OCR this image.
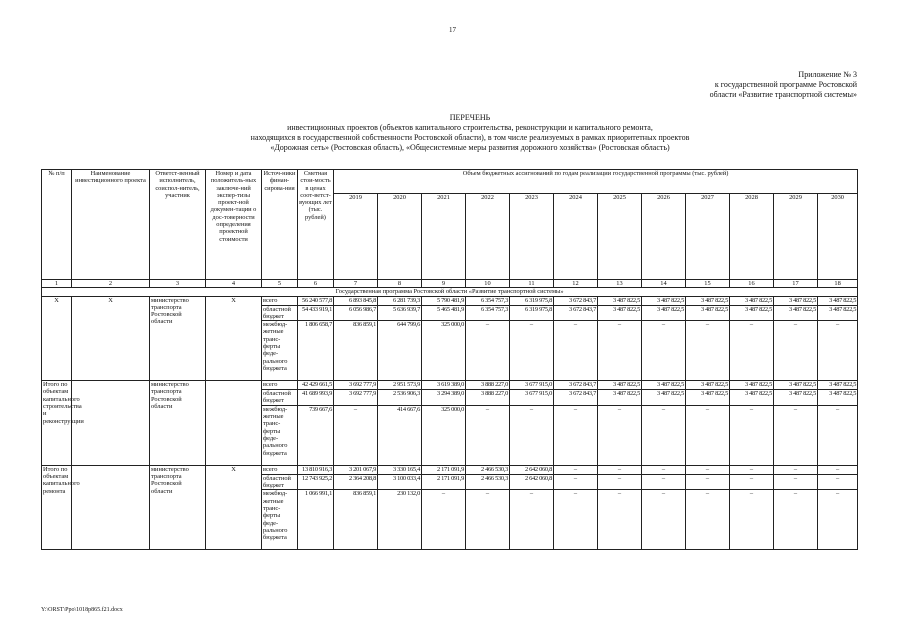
17
Приложение № 3
к государственной программе Ростовской
области «Развитие транспортной системы»
ПЕРЕЧЕНЬ
инвестиционных проектов (объектов капитального строительства, реконструкции и капитального ремонта,
находящихся в государственной собственности Ростовской области), в том числе реализуемых в рамках приоритетных проектов
«Дорожная сеть» (Ростовская область), «Общесистемные меры развития дорожного хозяйства» (Ростовская область)
№ п/п	Наименование инвестиционного проекта	Ответст-венный исполнитель, соиспол-нитель, участник	Номер и дата положитель-ных заключе-ний экспер-тизы проект-ной докумен-тации о дос-товерности определения проектной стоимости	Источ-ники финан-сирова-ния	Сметная стои-мость в ценах соот-ветст-вующих лет (тыс. рублей)	Объем бюджетных ассигнований по годам реализации государственной программы (тыс. рублей)											
						2019	2020	2021	2022	2023	2024	2025	2026	2027	2028	2029	2030
1	2	3	4	5	6	7	8	9	10	11	12	13	14	15	16	17	18
Государственная программа Ростовской области «Развитие транспортной системы»																	
Х	Х	министерство транспорта Ростовской области	Х	всего	56 240 577,8	6 893 845,8	6 281 739,3	5 790 481,9	6 354 757,3	6 319 975,8	3 672 843,7	3 487 822,5	3 487 822,5	3 487 822,5	3 487 822,5	3 487 822,5	3 487 822,5
				областной бюджет	54 433 919,1	6 056 986,7	5 636 939,7	5 465 481,9	6 354 757,3	6 319 975,8	3 672 843,7	3 487 822,5	3 487 822,5	3 487 822,5	3 487 822,5	3 487 822,5	3 487 822,5
				межбюд-жетные транс-ферты феде-рального бюджета	1 806 658,7	836 859,1	644 799,6	325 000,0	–	–	–	–	–	–	–	–	–
Итого по объектам капитального строительства и реконструкции		министерство транспорта Ростовской области		всего	42 429 661,5	3 692 777,9	2 951 573,9	3 619 389,0	3 888 227,0	3 677 915,0	3 672 843,7	3 487 822,5	3 487 822,5	3 487 822,5	3 487 822,5	3 487 822,5	3 487 822,5
				областной бюджет	41 689 993,9	3 692 777,9	2 536 906,3	3 294 389,0	3 888 227,0	3 677 915,0	3 672 843,7	3 487 822,5	3 487 822,5	3 487 822,5	3 487 822,5	3 487 822,5	3 487 822,5
				межбюд-жетные транс-ферты феде-рального бюджета	739 667,6	–	414 667,6	325 000,0	–	–	–	–	–	–	–	–	–
Итого по объектам капитального ремонта		министерство транспорта Ростовской области	Х	всего	13 810 916,3	3 201 067,9	3 330 165,4	2 171 091,9	2 466 530,3	2 642 060,8	–	–	–	–	–	–	–
				областной бюджет	12 743 925,2	2 364 208,8	3 100 033,4	2 171 091,9	2 466 530,3	2 642 060,8	–	–	–	–	–	–	–
				межбюд-жетные транс-ферты феде-рального бюджета	1 066 991,1	836 859,1	230 132,0	–	–	–	–	–	–	–	–	–	–
Y:\ORST\Ppo\1018p865.f21.docx
